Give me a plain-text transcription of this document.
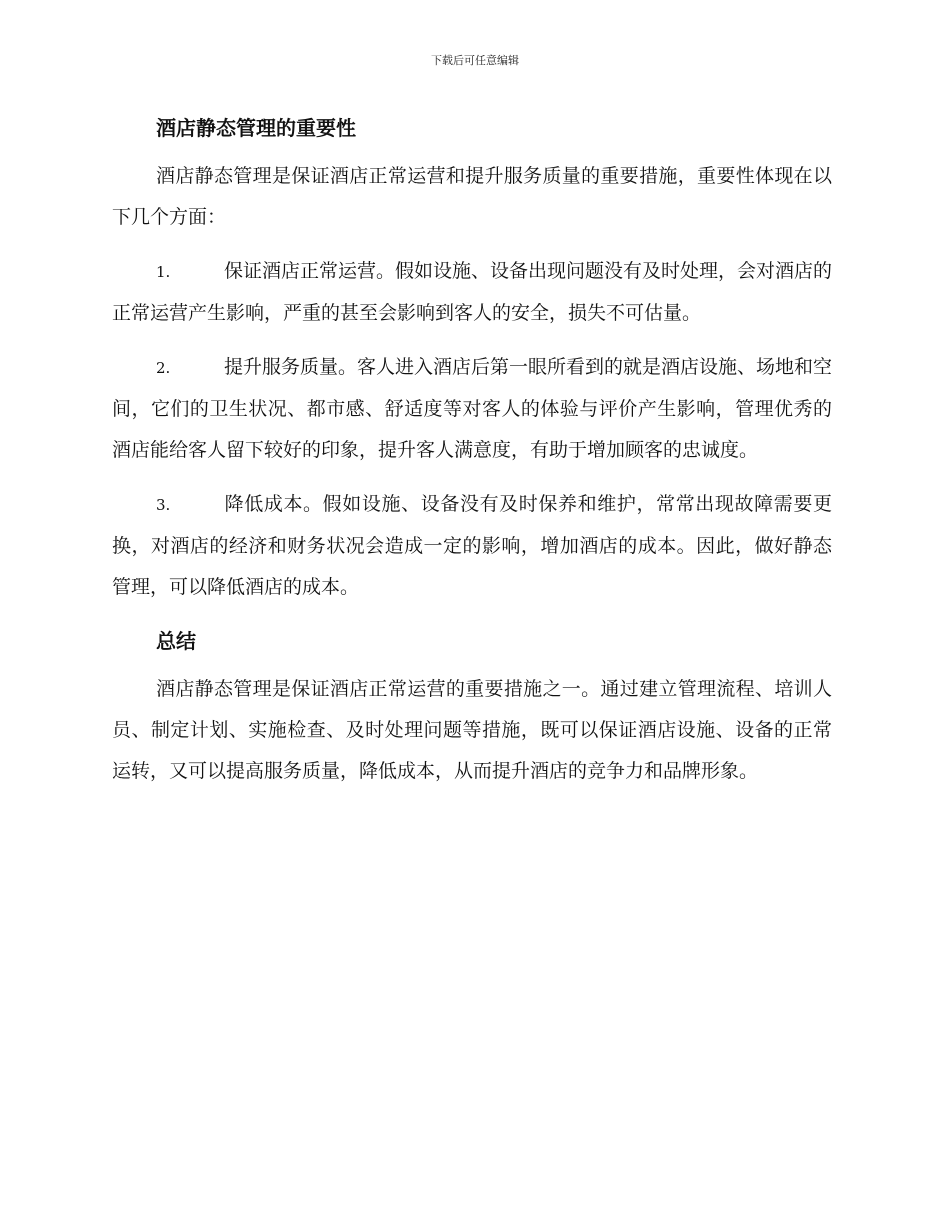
下载后可任意编辑
酒店静态管理的重要性

酒店静态管理是保证酒店正常运营和提升服务质量的重要措施，重要性体现在以下几个方面：

1.	保证酒店正常运营。假如设施、设备出现问题没有及时处理，会对酒店的正常运营产生影响，严重的甚至会影响到客人的安全，损失不可估量。

2.	提升服务质量。客人进入酒店后第一眼所看到的就是酒店设施、场地和空间，它们的卫生状况、都市感、舒适度等对客人的体验与评价产生影响，管理优秀的酒店能给客人留下较好的印象，提升客人满意度，有助于增加顾客的忠诚度。

3.	降低成本。假如设施、设备没有及时保养和维护，常常出现故障需要更换，对酒店的经济和财务状况会造成一定的影响，增加酒店的成本。因此，做好静态管理，可以降低酒店的成本。

总结

酒店静态管理是保证酒店正常运营的重要措施之一。通过建立管理流程、培训人员、制定计划、实施检查、及时处理问题等措施，既可以保证酒店设施、设备的正常运转，又可以提高服务质量，降低成本，从而提升酒店的竞争力和品牌形象。
